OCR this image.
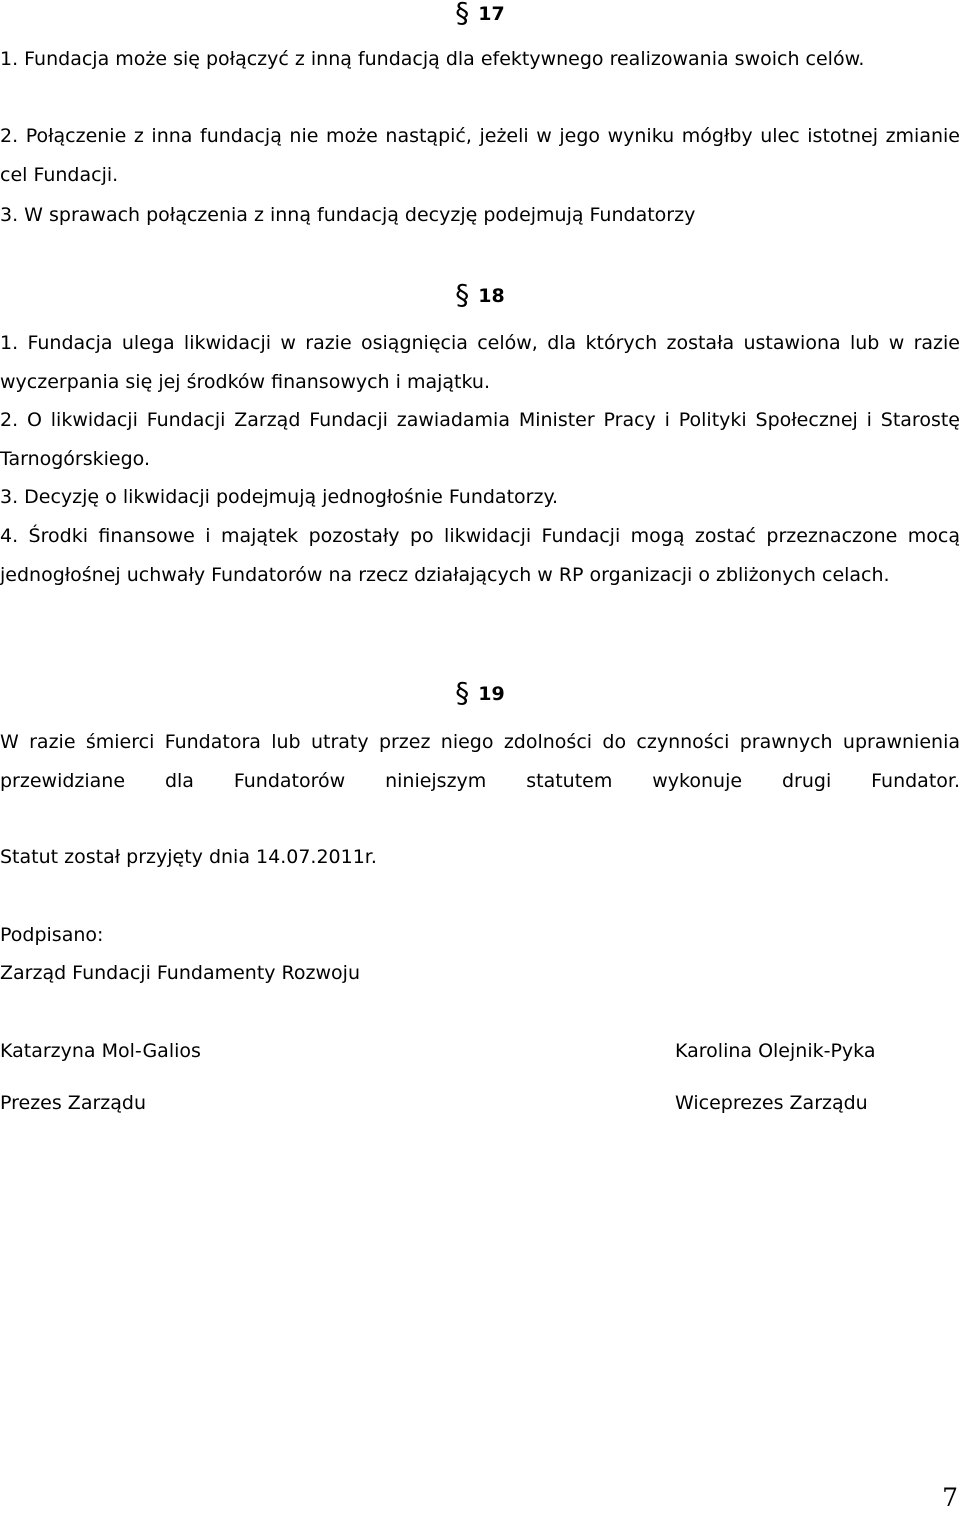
§ 17

1. Fundacja może się połączyć z inną fundacją dla efektywnego realizowania swoich celów.

2. Połączenie z inna fundacją nie może nastąpić, jeżeli w jego wyniku mógłby ulec istotnej zmianie cel Fundacji.

3. W sprawach połączenia z inną fundacją decyzję podejmują Fundatorzy
§ 18

1. Fundacja ulega likwidacji w razie osiągnięcia celów, dla których została ustawiona lub w razie wyczerpania się jej środków finansowych i majątku.

2. O likwidacji Fundacji Zarząd Fundacji zawiadamia Minister Pracy i Polityki Społecznej i Starostę Tarnogórskiego.

3. Decyzję o likwidacji podejmują jednogłośnie Fundatorzy.

4. Środki finansowe i majątek pozostały po likwidacji Fundacji mogą zostać przeznaczone mocą jednogłośnej uchwały Fundatorów na rzecz działających w RP organizacji o zbliżonych celach.

§ 19

W razie śmierci Fundatora lub utraty przez niego zdolności do czynności prawnych uprawnienia przewidziane dla Fundatorów niniejszym statutem wykonuje drugi Fundator.

Statut został przyjęty dnia 14.07.2011r.
Podpisano:
Zarząd Fundacji Fundamenty Rozwoju
Katarzyna Mol-Galios
Prezes Zarządu
Karolina Olejnik-Pyka
Wiceprezes Zarządu
7
